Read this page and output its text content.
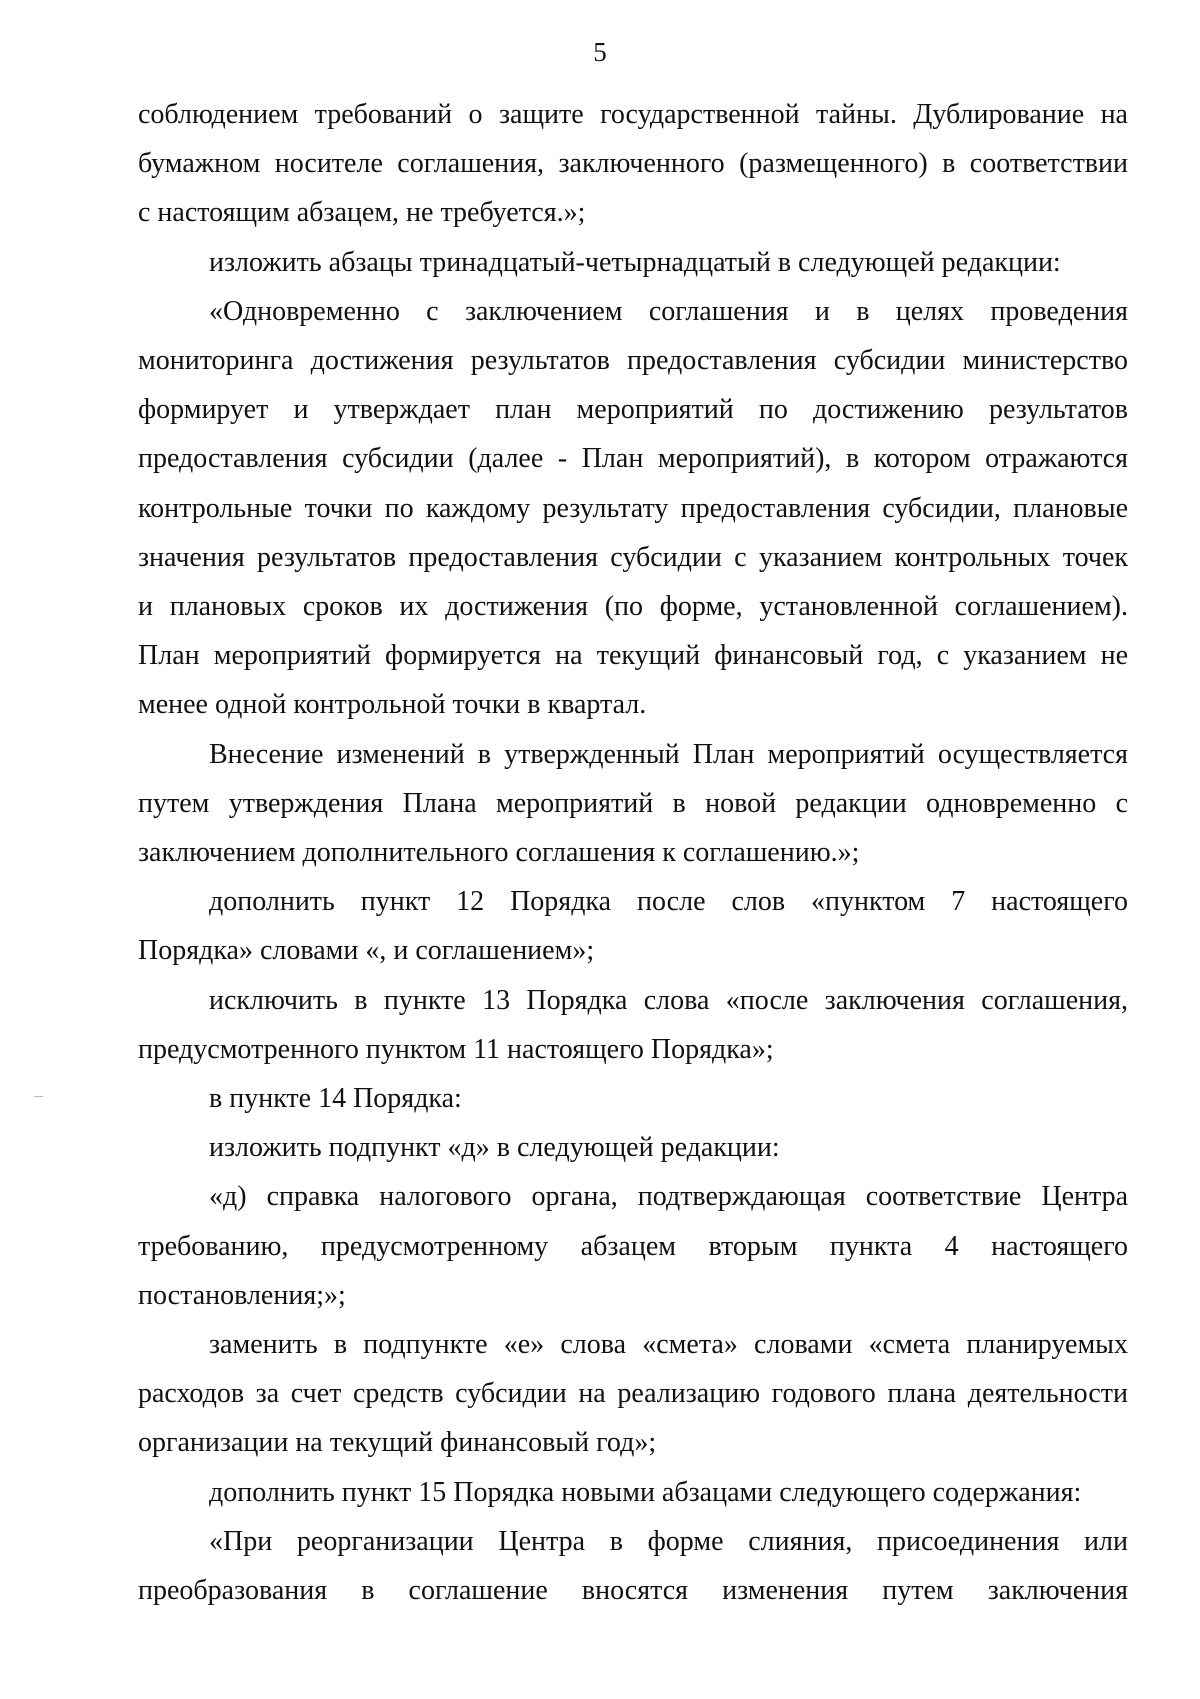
5
соблюдением требований о защите государственной тайны. Дублирование на
бумажном носителе соглашения, заключенного (размещенного) в соответствии
с настоящим абзацем, не требуется.»;
изложить абзацы тринадцатый-четырнадцатый в следующей редакции:
«Одновременно с заключением соглашения и в целях проведения
мониторинга достижения результатов предоставления субсидии министерство
формирует и утверждает план мероприятий по достижению результатов
предоставления субсидии (далее - План мероприятий), в котором отражаются
контрольные точки по каждому результату предоставления субсидии, плановые
значения результатов предоставления субсидии с указанием контрольных точек
и плановых сроков их достижения (по форме, установленной соглашением).
План мероприятий формируется на текущий финансовый год, с указанием не
менее одной контрольной точки в квартал.
Внесение изменений в утвержденный План мероприятий осуществляется
путем утверждения Плана мероприятий в новой редакции одновременно с
заключением дополнительного соглашения к соглашению.»;
дополнить пункт 12 Порядка после слов «пунктом 7 настоящего
Порядка» словами «, и соглашением»;
исключить в пункте 13 Порядка слова «после заключения соглашения,
предусмотренного пунктом 11 настоящего Порядка»;
в пункте 14 Порядка:
изложить подпункт «д» в следующей редакции:
«д) справка налогового органа, подтверждающая соответствие Центра
требованию, предусмотренному абзацем вторым пункта 4 настоящего
постановления;»;
заменить в подпункте «е» слова «смета» словами «смета планируемых
расходов за счет средств субсидии на реализацию годового плана деятельности
организации на текущий финансовый год»;
дополнить пункт 15 Порядка новыми абзацами следующего содержания:
«При реорганизации Центра в форме слияния, присоединения или
преобразования в соглашение вносятся изменения путем заключения
